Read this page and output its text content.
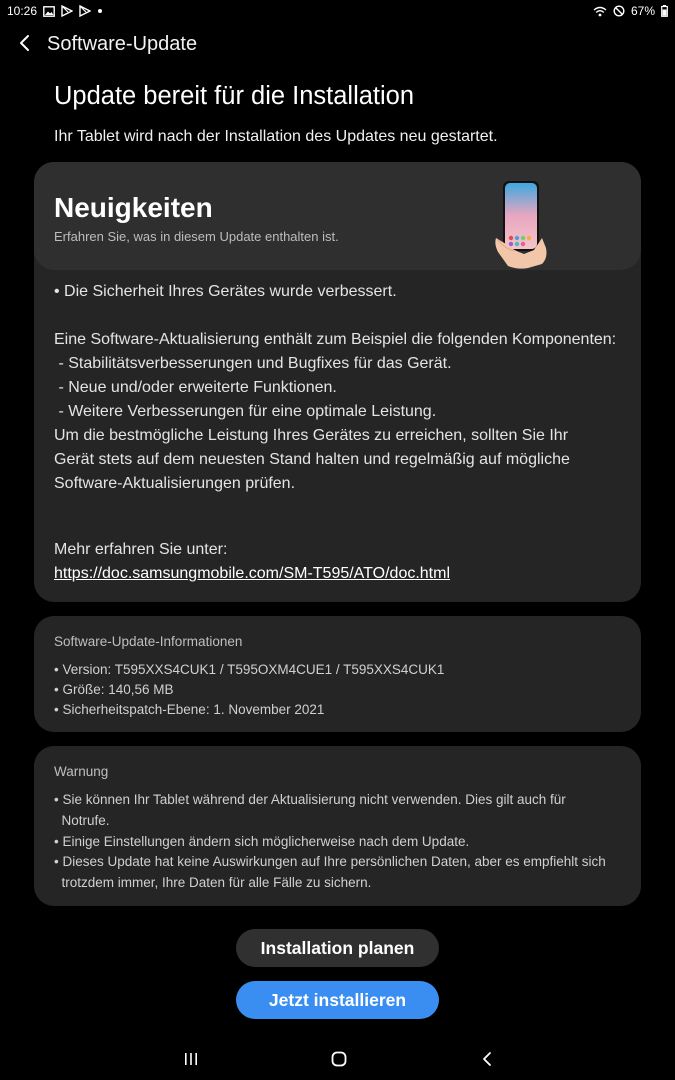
10:26	67%
Software-Update
Update bereit für die Installation
Ihr Tablet wird nach der Installation des Updates neu gestartet.
Neuigkeiten
Erfahren Sie, was in diesem Update enthalten ist.
• Die Sicherheit Ihres Gerätes wurde verbessert.
Eine Software-Aktualisierung enthält zum Beispiel die folgenden Komponenten:
- Stabilitätsverbesserungen und Bugfixes für das Gerät.
- Neue und/oder erweiterte Funktionen.
- Weitere Verbesserungen für eine optimale Leistung.
Um die bestmögliche Leistung Ihres Gerätes zu erreichen, sollten Sie Ihr
Gerät stets auf dem neuesten Stand halten und regelmäßig auf mögliche
Software-Aktualisierungen prüfen.
Mehr erfahren Sie unter:
https://doc.samsungmobile.com/SM-T595/ATO/doc.html
Software-Update-Informationen
• Version: T595XXS4CUK1 / T595OXM4CUE1 / T595XXS4CUK1
• Größe: 140,56 MB
• Sicherheitspatch-Ebene: 1. November 2021
Warnung
• Sie können Ihr Tablet während der Aktualisierung nicht verwenden. Dies gilt auch für
Notrufe.
• Einige Einstellungen ändern sich möglicherweise nach dem Update.
• Dieses Update hat keine Auswirkungen auf Ihre persönlichen Daten, aber es empfiehlt sich
trotzdem immer, Ihre Daten für alle Fälle zu sichern.
Installation planen
Jetzt installieren
